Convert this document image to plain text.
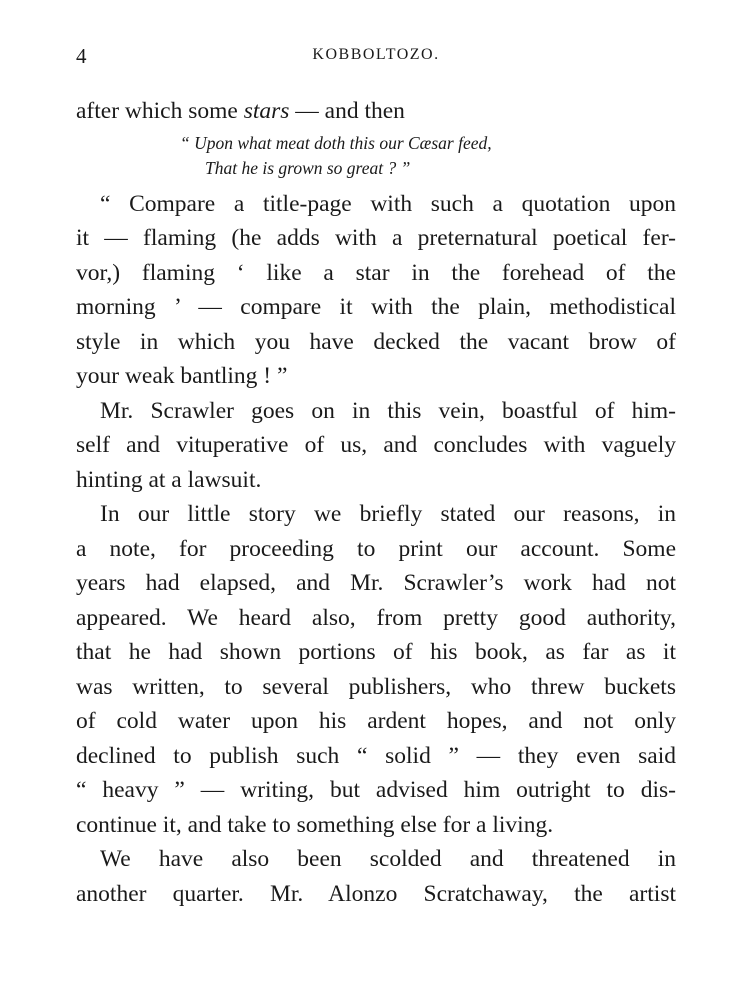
4	KOBBOLTOZO.
after which some stars — and then
“ Upon what meat doth this our Cæsar feed,
That he is grown so great ? ”
“ Compare a title-page with such a quotation upon
it — flaming (he adds with a preternatural poetical fer-
vor,) flaming ‘ like a star in the forehead of the
morning ’ — compare it with the plain, methodistical
style in which you have decked the vacant brow of
your weak bantling ! ”
Mr. Scrawler goes on in this vein, boastful of him-
self and vituperative of us, and concludes with vaguely
hinting at a lawsuit.
In our little story we briefly stated our reasons, in
a note, for proceeding to print our account. Some
years had elapsed, and Mr. Scrawler’s work had not
appeared. We heard also, from pretty good authority,
that he had shown portions of his book, as far as it
was written, to several publishers, who threw buckets
of cold water upon his ardent hopes, and not only
declined to publish such “ solid ” — they even said
“ heavy ” — writing, but advised him outright to dis-
continue it, and take to something else for a living.
We have also been scolded and threatened in
another quarter. Mr. Alonzo Scratchaway, the artist
